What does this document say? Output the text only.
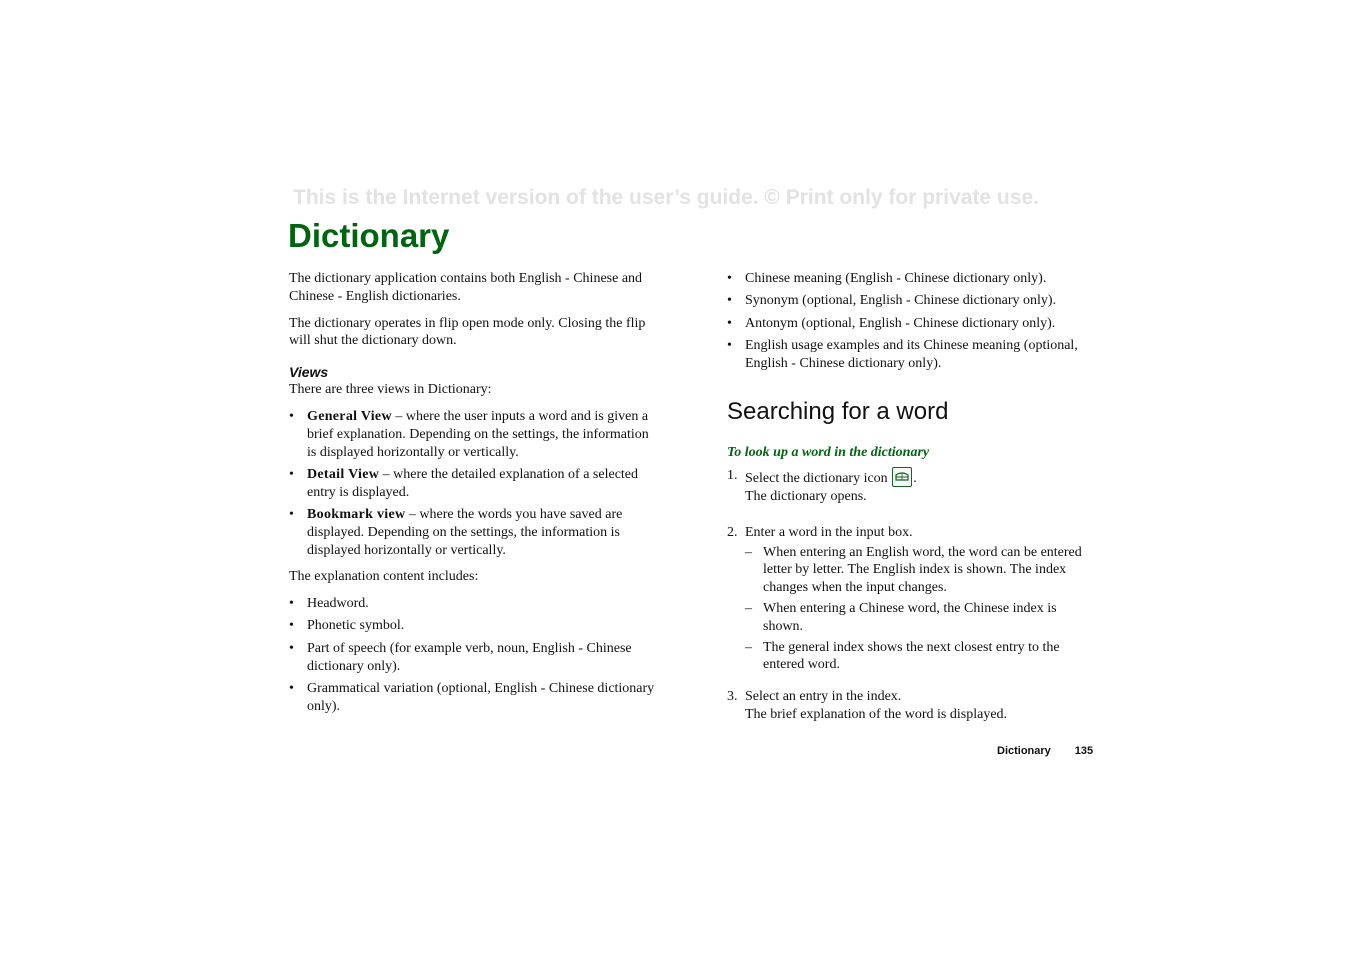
This is the Internet version of the user’s guide. © Print only for private use.
Dictionary

The dictionary application contains both English - Chinese and Chinese - English dictionaries.

The dictionary operates in flip open mode only. Closing the flip will shut the dictionary down.

Views

There are three views in Dictionary:

• General View – where the user inputs a word and is given a brief explanation. Depending on the settings, the information is displayed horizontally or vertically.
• Detail View – where the detailed explanation of a selected entry is displayed.
• Bookmark view – where the words you have saved are displayed. Depending on the settings, the information is displayed horizontally or vertically.

The explanation content includes:

• Headword.
• Phonetic symbol.
• Part of speech (for example verb, noun, English - Chinese dictionary only).
• Grammatical variation (optional, English - Chinese dictionary only).
• Chinese meaning (English - Chinese dictionary only).
• Synonym (optional, English - Chinese dictionary only).
• Antonym (optional, English - Chinese dictionary only).
• English usage examples and its Chinese meaning (optional, English - Chinese dictionary only).
Searching for a word
To look up a word in the dictionary
1. Select the dictionary icon
.
The dictionary opens.
2. Enter a word in the input box.
– When entering an English word, the word can be entered letter by letter. The English index is shown. The index changes when the input changes.
– When entering a Chinese word, the Chinese index is shown.
– The general index shows the next closest entry to the entered word.
3. Select an entry in the index.
The brief explanation of the word is displayed.
Dictionary 135
